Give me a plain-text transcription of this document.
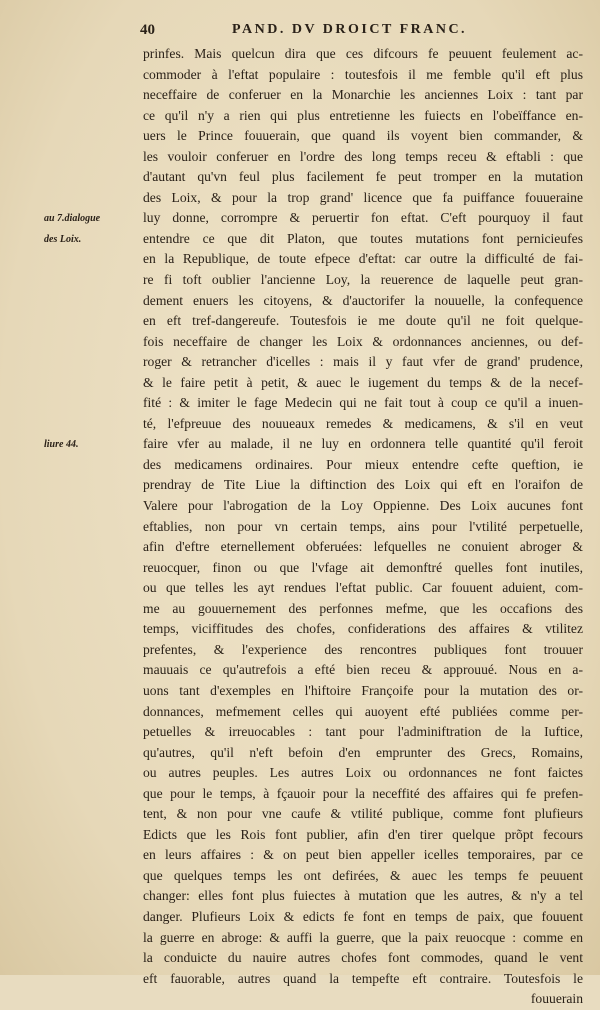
40	PAND. DV DROICT FRANC.
au 7.dialogue
des Loix.
liure 44.
prinfes. Mais quelcun dira que ces difcours fe peuuent feulement ac-
commoder à l'eftat populaire : toutesfois il me femble qu'il eft plus
neceffaire de conferuer en la Monarchie les anciennes Loix : tant par
ce qu'il n'y a rien qui plus entretienne les fuiects en l'obeïffance en-
uers le Prince fouuerain, que quand ils voyent bien commander, &
les vouloir conferuer en l'ordre des long temps receu & eftabli : que
d'autant qu'vn feul plus facilement fe peut tromper en la mutation
des Loix, & pour la trop grand' licence que fa puiffance fouueraine
luy donne, corrompre & peruertir fon eftat. C'eft pourquoy il faut
entendre ce que dit Platon, que toutes mutations font pernicieufes
en la Republique, de toute efpece d'eftat: car outre la difficulté de fai-
re fi toft oublier l'ancienne Loy, la reuerence de laquelle peut gran-
dement enuers les citoyens, & d'auctorifer la nouuelle, la confequence
en eft tref-dangereufe. Toutesfois ie me doute qu'il ne foit quelque-
fois neceffaire de changer les Loix & ordonnances anciennes, ou def-
roger & retrancher d'icelles : mais il y faut vfer de grand' prudence,
& le faire petit à petit, & auec le iugement du temps & de la necef-
fité : & imiter le fage Medecin qui ne fait tout à coup ce qu'il a inuen-
té, l'efpreuue des nouueaux remedes & medicamens, & s'il en veut
faire vfer au malade, il ne luy en ordonnera telle quantité qu'il feroit
des medicamens ordinaires. Pour mieux entendre cefte queftion, ie
prendray de Tite Liue la diftinction des Loix qui eft en l'oraifon de
Valere pour l'abrogation de la Loy Oppienne. Des Loix aucunes font
eftablies, non pour vn certain temps, ains pour l'vtilité perpetuelle,
afin d'eftre eternellement obferuées: lefquelles ne conuient abroger &
reuocquer, finon ou que l'vfage ait demonftré quelles font inutiles,
ou que telles les ayt rendues l'eftat public. Car fouuent aduient, com-
me au gouuernement des perfonnes mefme, que les occafions des
temps, viciffitudes des chofes, confiderations des affaires & vtilitez
prefentes, & l'experience des rencontres publiques font trouuer
mauuais ce qu'autrefois a efté bien receu & approuué. Nous en a-
uons tant d'exemples en l'hiftoire Françoife pour la mutation des or-
donnances, mefmement celles qui auoyent efté publiées comme per-
petuelles & irreuocables : tant pour l'adminiftration de la Iuftice,
qu'autres, qu'il n'eft befoin d'en emprunter des Grecs, Romains,
ou autres peuples. Les autres Loix ou ordonnances ne font faictes
que pour le temps, à fçauoir pour la neceffité des affaires qui fe prefen-
tent, & non pour vne caufe & vtilité publique, comme font plufieurs
Edicts que les Rois font publier, afin d'en tirer quelque prõpt fecours
en leurs affaires : & on peut bien appeller icelles temporaires, par ce
que quelques temps les ont defirées, & auec les temps fe peuuent
changer: elles font plus fuiectes à mutation que les autres, & n'y a tel
danger. Plufieurs Loix & edicts fe font en temps de paix, que fouuent
la guerre en abroge: & auffi la guerre, que la paix reuocque : comme en
la conduicte du nauire autres chofes font commodes, quand le vent
eft fauorable, autres quand la tempefte eft contraire. Toutesfois le
fouuerain
